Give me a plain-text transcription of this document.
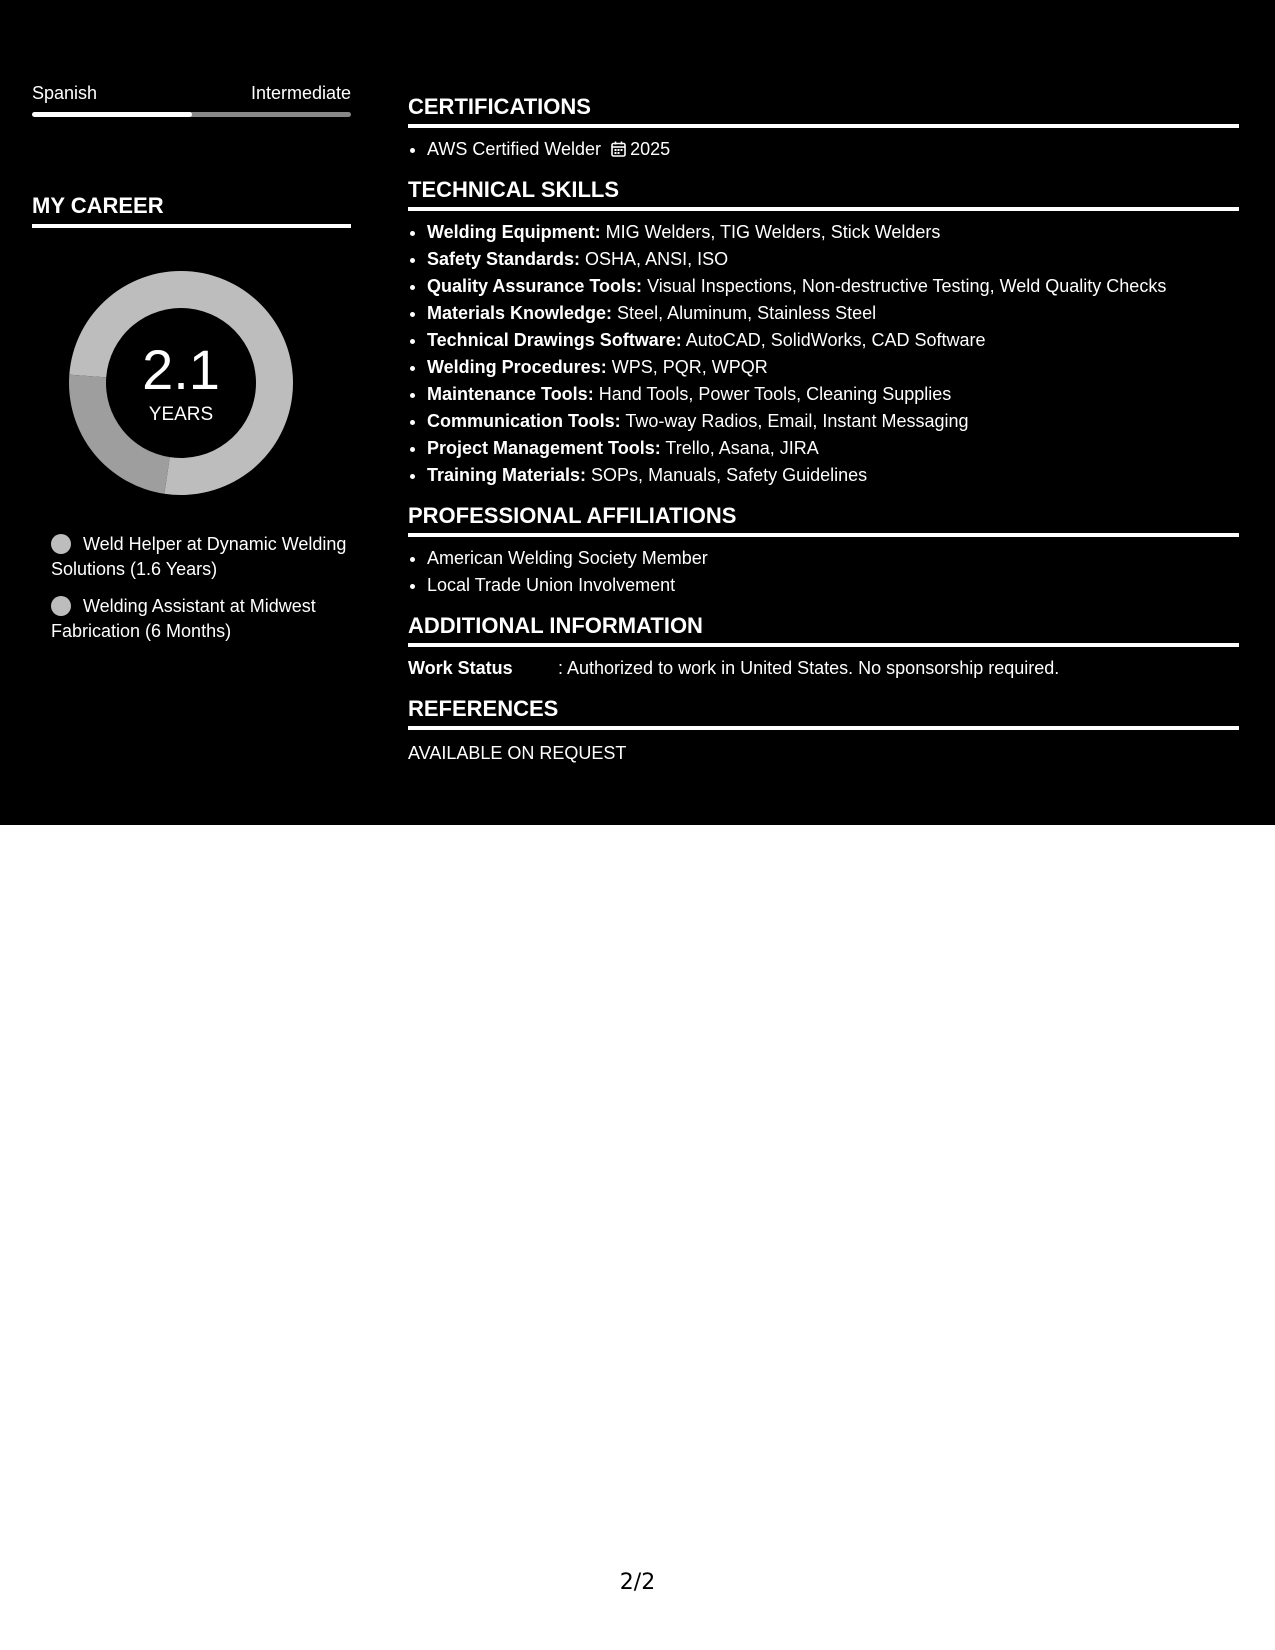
Spanish	Intermediate
MY CAREER
2.1
YEARS
Weld Helper at Dynamic Welding Solutions (1.6 Years)
Welding Assistant at Midwest Fabrication (6 Months)
CERTIFICATIONS
• AWS Certified Welder 2025
TECHNICAL SKILLS
• Welding Equipment: MIG Welders, TIG Welders, Stick Welders
• Safety Standards: OSHA, ANSI, ISO
• Quality Assurance Tools: Visual Inspections, Non-destructive Testing, Weld Quality Checks
• Materials Knowledge: Steel, Aluminum, Stainless Steel
• Technical Drawings Software: AutoCAD, SolidWorks, CAD Software
• Welding Procedures: WPS, PQR, WPQR
• Maintenance Tools: Hand Tools, Power Tools, Cleaning Supplies
• Communication Tools: Two-way Radios, Email, Instant Messaging
• Project Management Tools: Trello, Asana, JIRA
• Training Materials: SOPs, Manuals, Safety Guidelines
PROFESSIONAL AFFILIATIONS
• American Welding Society Member
• Local Trade Union Involvement
ADDITIONAL INFORMATION
Work Status	: Authorized to work in United States. No sponsorship required.
REFERENCES
AVAILABLE ON REQUEST
2/2
